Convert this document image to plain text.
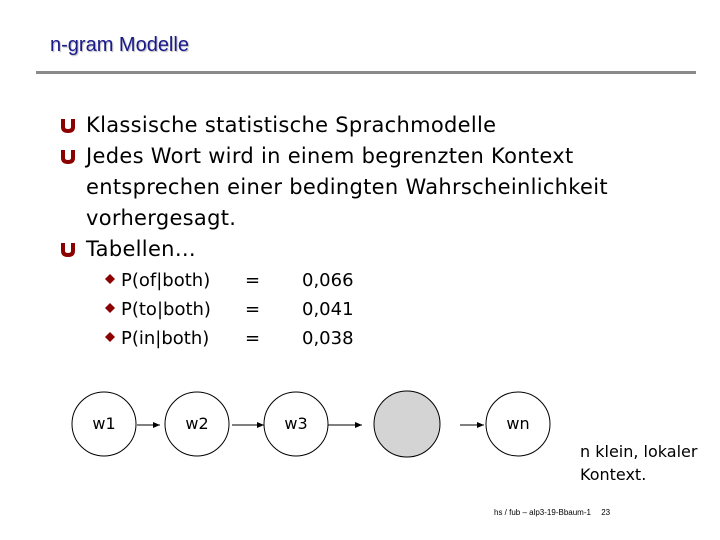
n-gram Modelle
Klassische statistische Sprachmodelle
Jedes Wort wird in einem begrenzten Kontext entsprechen einer bedingten Wahrscheinlichkeit vorhergesagt.
Tabellen…
P(of|both) = 0,066
P(to|both) = 0,041
P(in|both) = 0,038
w1	w2	w3	wn
n klein, lokaler
Kontext.
hs / fub – alp3-19-Bbaum-1 23
